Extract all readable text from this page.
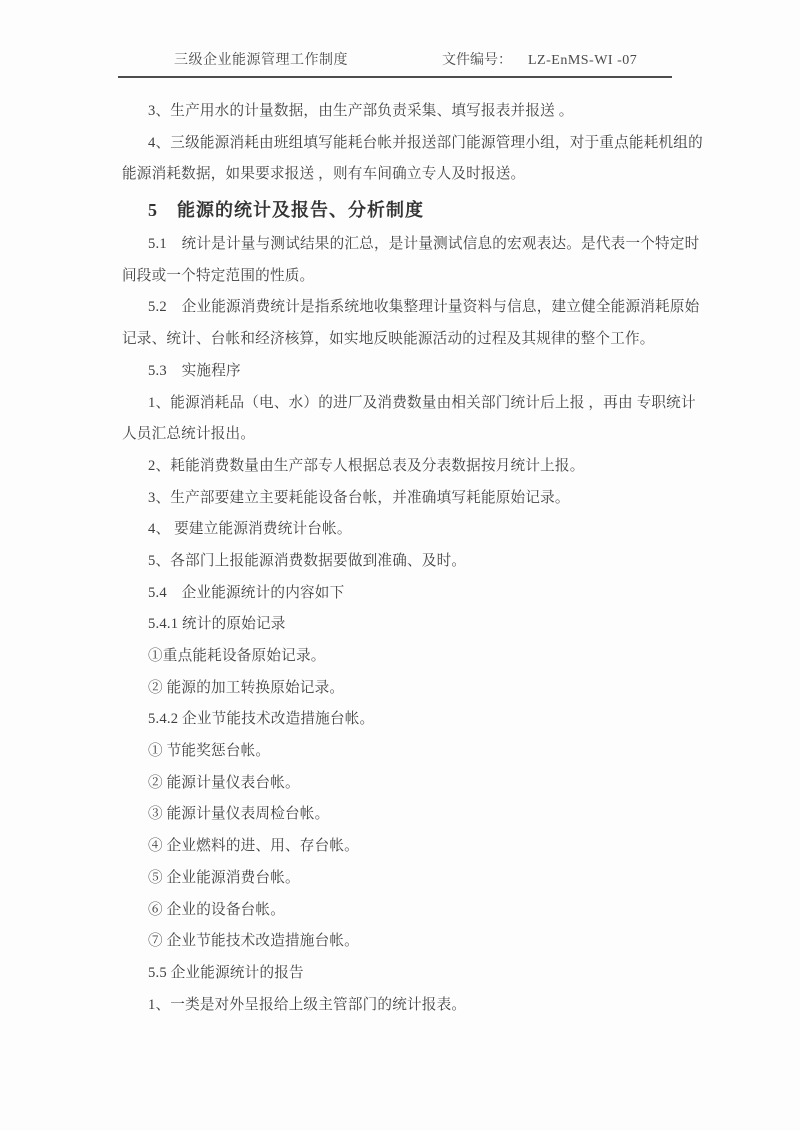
三级企业能源管理工作制度

	文件编号：

LZ-EnMS-WI -07

3、生产用水的计量数据，由生产部负责采集、填写报表并报送 。
4、三级能源消耗由班组填写能耗台帐并报送部门能源管理小组，对于重点能耗机组的
能源消耗数据，如果要求报送 ，则有车间确立专人及时报送。
5　能源的统计及报告、分析制度
5.1　统计是计量与测试结果的汇总，是计量测试信息的宏观表达。是代表一个特定时
间段或一个特定范围的性质。
5.2　企业能源消费统计是指系统地收集整理计量资料与信息，建立健全能源消耗原始
记录、统计、台帐和经济核算，如实地反映能源活动的过程及其规律的整个工作。
5.3　实施程序
1、能源消耗品（电、水）的进厂及消费数量由相关部门统计后上报 ，再由 专职统计
人员汇总统计报出。
2、耗能消费数量由生产部专人根据总表及分表数据按月统计上报。
3、生产部要建立主要耗能设备台帐，并准确填写耗能原始记录。
4、 要建立能源消费统计台帐。
5、各部门上报能源消费数据要做到准确、及时。
5.4　企业能源统计的内容如下
5.4.1 统计的原始记录
①重点能耗设备原始记录。
② 能源的加工转换原始记录。
5.4.2 企业节能技术改造措施台帐。
① 节能奖惩台帐。
② 能源计量仪表台帐。
③ 能源计量仪表周检台帐。
④ 企业燃料的进、用、存台帐。
⑤ 企业能源消费台帐。
⑥ 企业的设备台帐。
⑦ 企业节能技术改造措施台帐。
5.5 企业能源统计的报告
1、一类是对外呈报给上级主管部门的统计报表。
